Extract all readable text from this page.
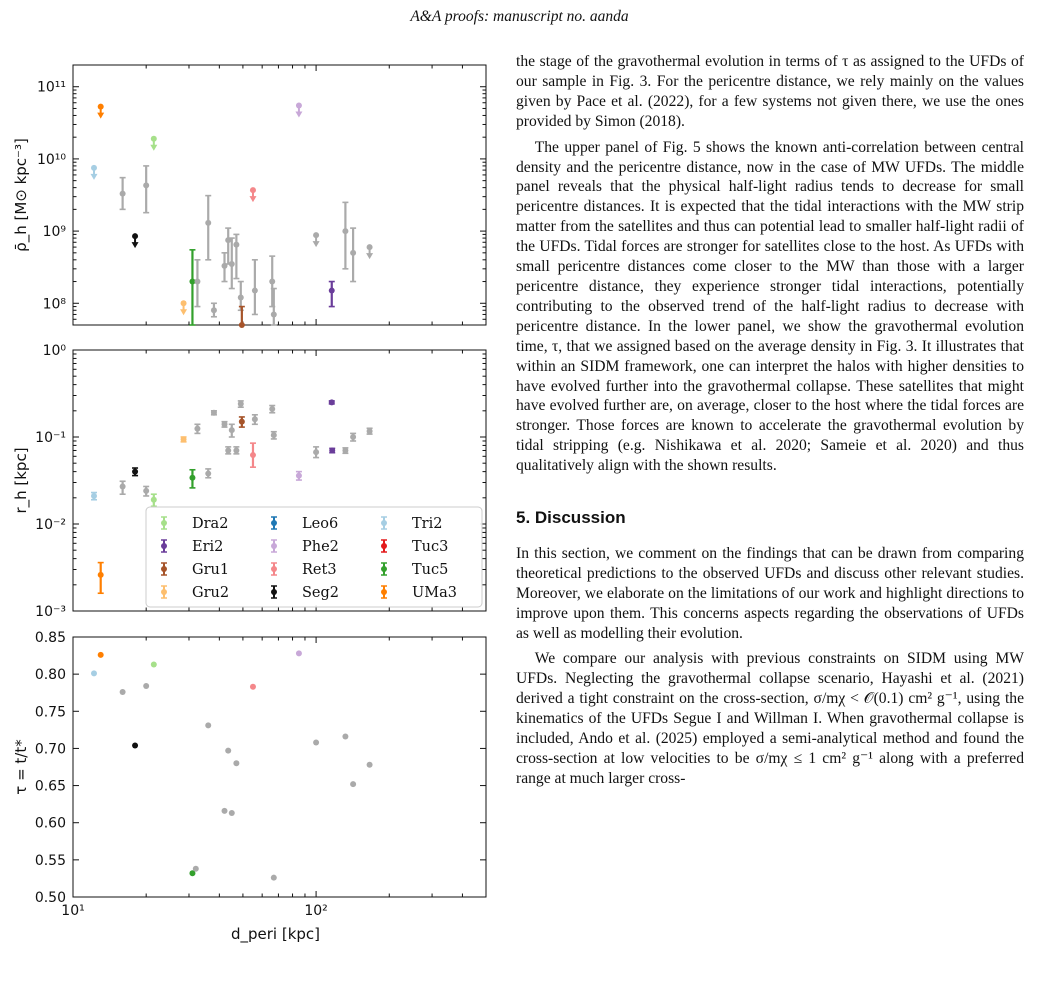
A&A proofs: manuscript no. aanda
10⁸
10⁹
10¹⁰
10¹¹
ρ̄_h [M⊙ kpc⁻³]
10⁻³
10⁻²
10⁻¹
10⁰
r_h [kpc]
0.50
0.55
0.60
0.65
0.70
0.75
0.80
0.85
τ = t/t*
10¹	10²
d_peri [kpc]
Dra2
Eri2
Gru1
Gru2
Leo6
Phe2
Ret3
Seg2
Tri2
Tuc3
Tuc5
UMa3

the stage of the gravothermal evolution in terms of τ as assigned to the UFDs of our sample in Fig. 3. For the pericentre distance, we rely mainly on the values given by Pace et al. (2022), for a few systems not given there, we use the ones provided by Simon (2018).

The upper panel of Fig. 5 shows the known anti-correlation between central density and the pericentre distance, now in the case of MW UFDs. The middle panel reveals that the physical half-light radius tends to decrease for small pericentre distances. It is expected that the tidal interactions with the MW strip matter from the satellites and thus can potential lead to smaller half-light radii of the UFDs. Tidal forces are stronger for satellites close to the host. As UFDs with small pericentre distances come closer to the MW than those with a larger pericentre distance, they experience stronger tidal interactions, potentially contributing to the observed trend of the half-light radius to decrease with pericentre distance. In the lower panel, we show the gravothermal evolution time, τ, that we assigned based on the average density in Fig. 3. It illustrates that within an SIDM framework, one can interpret the halos with higher densities to have evolved further into the gravothermal collapse. These satellites that might have evolved further are, on average, closer to the host where the tidal forces are stronger. Those forces are known to accelerate the gravothermal evolution by tidal stripping (e.g. Nishikawa et al. 2020; Sameie et al. 2020) and thus qualitatively align with the shown results.

5. Discussion

In this section, we comment on the findings that can be drawn from comparing theoretical predictions to the observed UFDs and discuss other relevant studies. Moreover, we elaborate on the limitations of our work and highlight directions to improve upon them. This concerns aspects regarding the observations of UFDs as well as modelling their evolution.

We compare our analysis with previous constraints on SIDM using MW UFDs. Neglecting the gravothermal collapse scenario, Hayashi et al. (2021) derived a tight constraint on the cross-section, σ/mχ < 𝒪(0.1) cm² g⁻¹, using the kinematics of the UFDs Segue I and Willman I. When gravothermal collapse is included, Ando et al. (2025) employed a semi-analytical method and found the cross-section at low velocities to be σ/mχ ≤ 1 cm² g⁻¹ along with a preferred range at much larger cross-
